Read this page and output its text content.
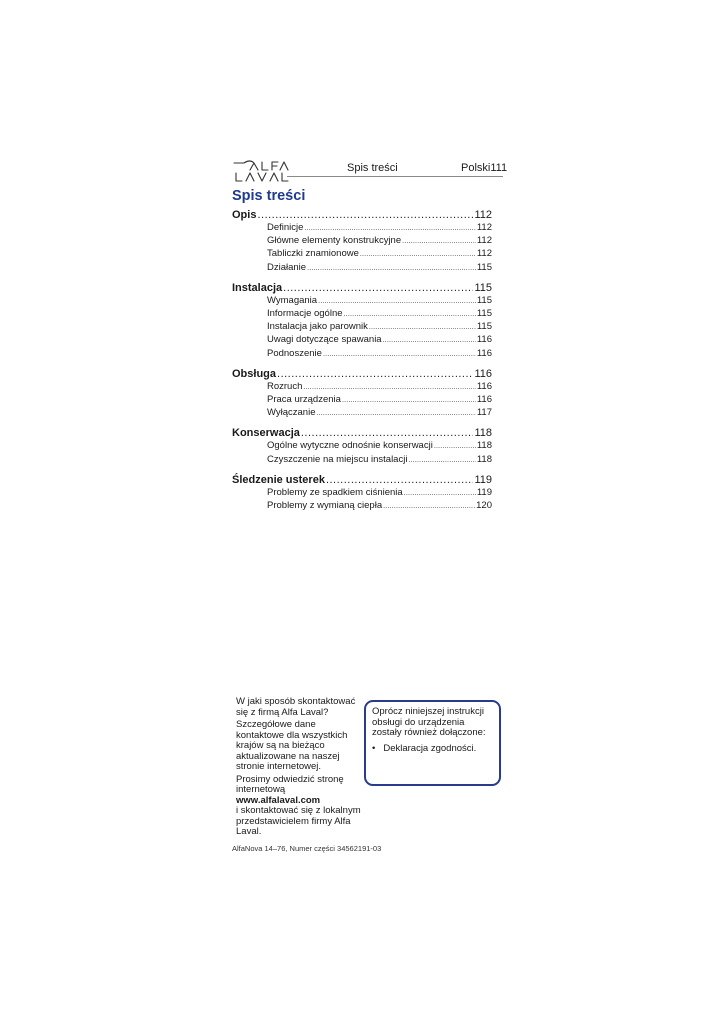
Spis treści	Polski111
Spis treści
Opis .....	112
Definicje .....	112
Główne elementy konstrukcyjne .....	112
Tabliczki znamionowe .....	112
Działanie .....	115
Instalacja .....	115
Wymagania .....	115
Informacje ogólne .....	115
Instalacja jako parownik .....	115
Uwagi dotyczące spawania .....	116
Podnoszenie .....	116
Obsługa .....	116
Rozruch .....	116
Praca urządzenia .....	116
Wyłączanie .....	117
Konserwacja .....	118
Ogólne wytyczne odnośnie konserwacji .....	118
Czyszczenie na miejscu instalacji .....	118
Śledzenie usterek .....	119
Problemy ze spadkiem ciśnienia .....	119
Problemy z wymianą ciepła .....	120

W jaki sposób skontaktować się z firmą Alfa Laval?

Szczegółowe dane kontaktowe dla wszystkich krajów są na bieżąco aktualizowane na naszej stronie internetowej.

Prosimy odwiedzić stronę internetową
www.alfalaval.com
i skontaktować się z lokalnym przedstawicielem firmy Alfa Laval.

Oprócz niniejszej instrukcji obsługi do urządzenia zostały również dołączone:

• Deklaracja zgodności.
AlfaNova 14–76, Numer części 34562191-03
